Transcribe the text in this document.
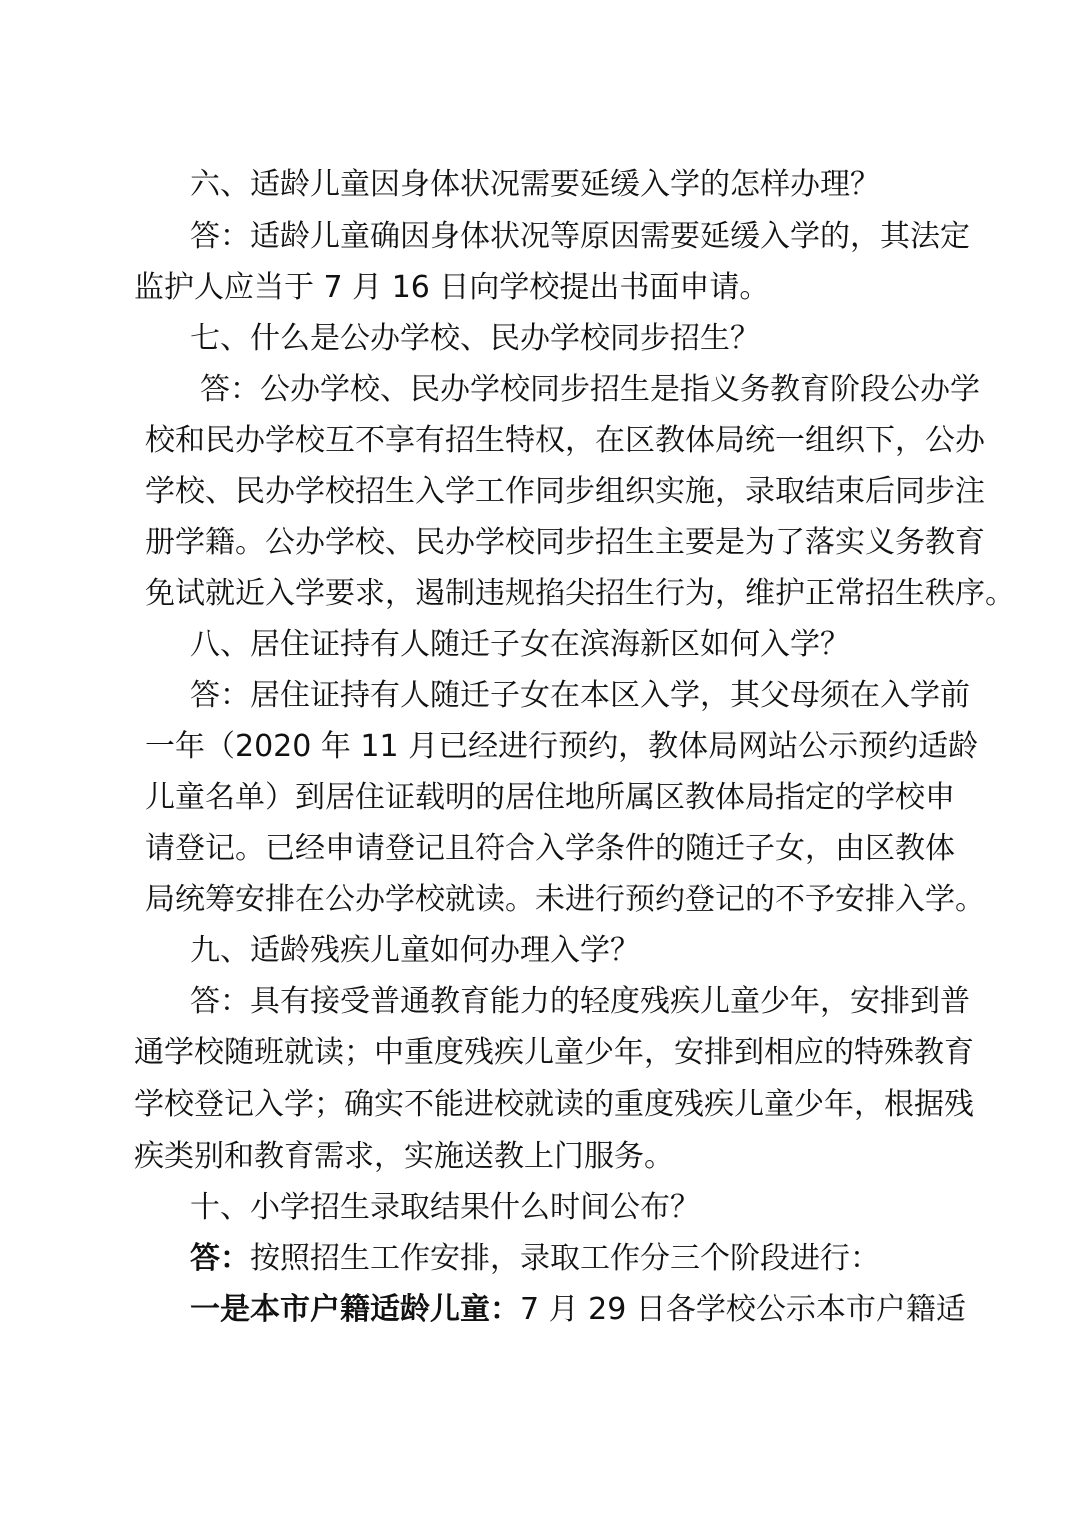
六、适龄儿童因身体状况需要延缓入学的怎样办理？
答：适龄儿童确因身体状况等原因需要延缓入学的，其法定
监护人应当于 7 月 16 日向学校提出书面申请。
七、什么是公办学校、民办学校同步招生？
答：公办学校、民办学校同步招生是指义务教育阶段公办学
校和民办学校互不享有招生特权，在区教体局统一组织下，公办
学校、民办学校招生入学工作同步组织实施，录取结束后同步注
册学籍。公办学校、民办学校同步招生主要是为了落实义务教育
免试就近入学要求，遏制违规掐尖招生行为，维护正常招生秩序。
八、居住证持有人随迁子女在滨海新区如何入学？
答：居住证持有人随迁子女在本区入学，其父母须在入学前
一年（2020 年 11 月已经进行预约，教体局网站公示预约适龄
儿童名单）到居住证载明的居住地所属区教体局指定的学校申
请登记。已经申请登记且符合入学条件的随迁子女，由区教体
局统筹安排在公办学校就读。未进行预约登记的不予安排入学。
九、适龄残疾儿童如何办理入学？
答：具有接受普通教育能力的轻度残疾儿童少年，安排到普
通学校随班就读；中重度残疾儿童少年，安排到相应的特殊教育
学校登记入学；确实不能进校就读的重度残疾儿童少年，根据残
疾类别和教育需求，实施送教上门服务。
十、小学招生录取结果什么时间公布？
答：按照招生工作安排，录取工作分三个阶段进行：
一是本市户籍适龄儿童：7 月 29 日各学校公示本市户籍适
